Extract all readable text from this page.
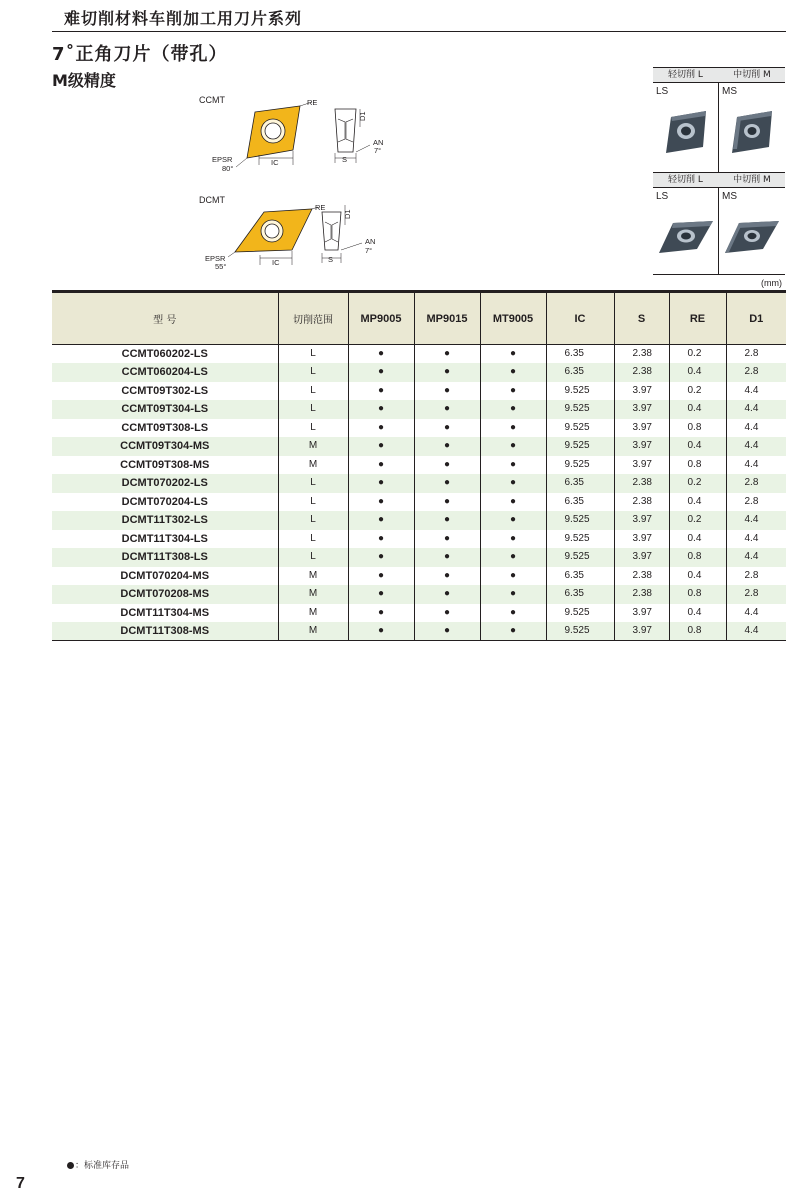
难切削材料车削加工用刀片系列
7˚正角刀片（带孔）
M级精度
CCMT	RE
EPSR
80°
IC
D1
AN
7°
S
DCMT
RE
EPSR
55°	IC
D1
AN
7°
S
轻切削 L	中切削 M
LS	MS
轻切削 L	中切削 M
LS	MS
(mm)
型 号	切削范围	MP9005	MP9015	MT9005	IC	S	RE	D1
CCMT060202-LS	L	●	●	●	6.35	2.38	0.2	2.8
CCMT060204-LS	L	●	●	●	6.35	2.38	0.4	2.8
CCMT09T302-LS	L	●	●	●	9.525	3.97	0.2	4.4
CCMT09T304-LS	L	●	●	●	9.525	3.97	0.4	4.4
CCMT09T308-LS	L	●	●	●	9.525	3.97	0.8	4.4
CCMT09T304-MS	M	●	●	●	9.525	3.97	0.4	4.4
CCMT09T308-MS	M	●	●	●	9.525	3.97	0.8	4.4
DCMT070202-LS	L	●	●	●	6.35	2.38	0.2	2.8
DCMT070204-LS	L	●	●	●	6.35	2.38	0.4	2.8
DCMT11T302-LS	L	●	●	●	9.525	3.97	0.2	4.4
DCMT11T304-LS	L	●	●	●	9.525	3.97	0.4	4.4
DCMT11T308-LS	L	●	●	●	9.525	3.97	0.8	4.4
DCMT070204-MS	M	●	●	●	6.35	2.38	0.4	2.8
DCMT070208-MS	M	●	●	●	6.35	2.38	0.8	2.8
DCMT11T304-MS	M	●	●	●	9.525	3.97	0.4	4.4
DCMT11T308-MS	M	●	●	●	9.525	3.97	0.8	4.4
：标准库存品
7
